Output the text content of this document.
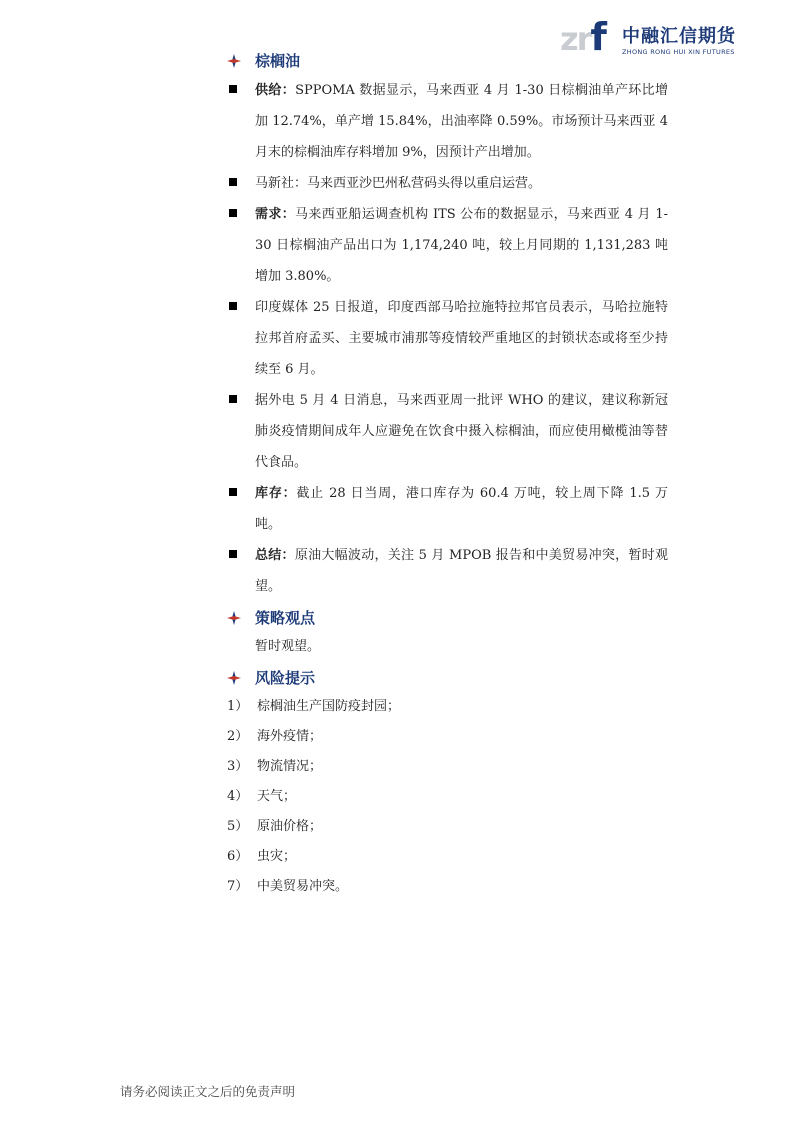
zrf 中融汇信期货
ZHONG RONG HUI XIN FUTURES
棕榈油
供给：SPPOMA 数据显示，马来西亚 4 月 1-30 日棕榈油单产环比增加 12.74%，单产增 15.84%，出油率降 0.59%。市场预计马来西亚 4 月末的棕榈油库存料增加 9%，因预计产出增加。
马新社：马来西亚沙巴州私营码头得以重启运营。
需求：马来西亚船运调查机构 ITS 公布的数据显示，马来西亚 4 月 1-30 日棕榈油产品出口为 1,174,240 吨，较上月同期的 1,131,283 吨增加 3.80%。
印度媒体 25 日报道，印度西部马哈拉施特拉邦官员表示，马哈拉施特拉邦首府孟买、主要城市浦那等疫情较严重地区的封锁状态或将至少持续至 6 月。
据外电 5 月 4 日消息，马来西亚周一批评 WHO 的建议，建议称新冠肺炎疫情期间成年人应避免在饮食中摄入棕榈油，而应使用橄榄油等替代食品。
库存：截止 28 日当周，港口库存为 60.4 万吨，较上周下降 1.5 万吨。
总结：原油大幅波动，关注 5 月 MPOB 报告和中美贸易冲突，暂时观望。
策略观点
暂时观望。
风险提示
1） 棕榈油生产国防疫封园；
2） 海外疫情；
3） 物流情况；
4） 天气；
5） 原油价格；
6） 虫灾；
7） 中美贸易冲突。
请务必阅读正文之后的免责声明
